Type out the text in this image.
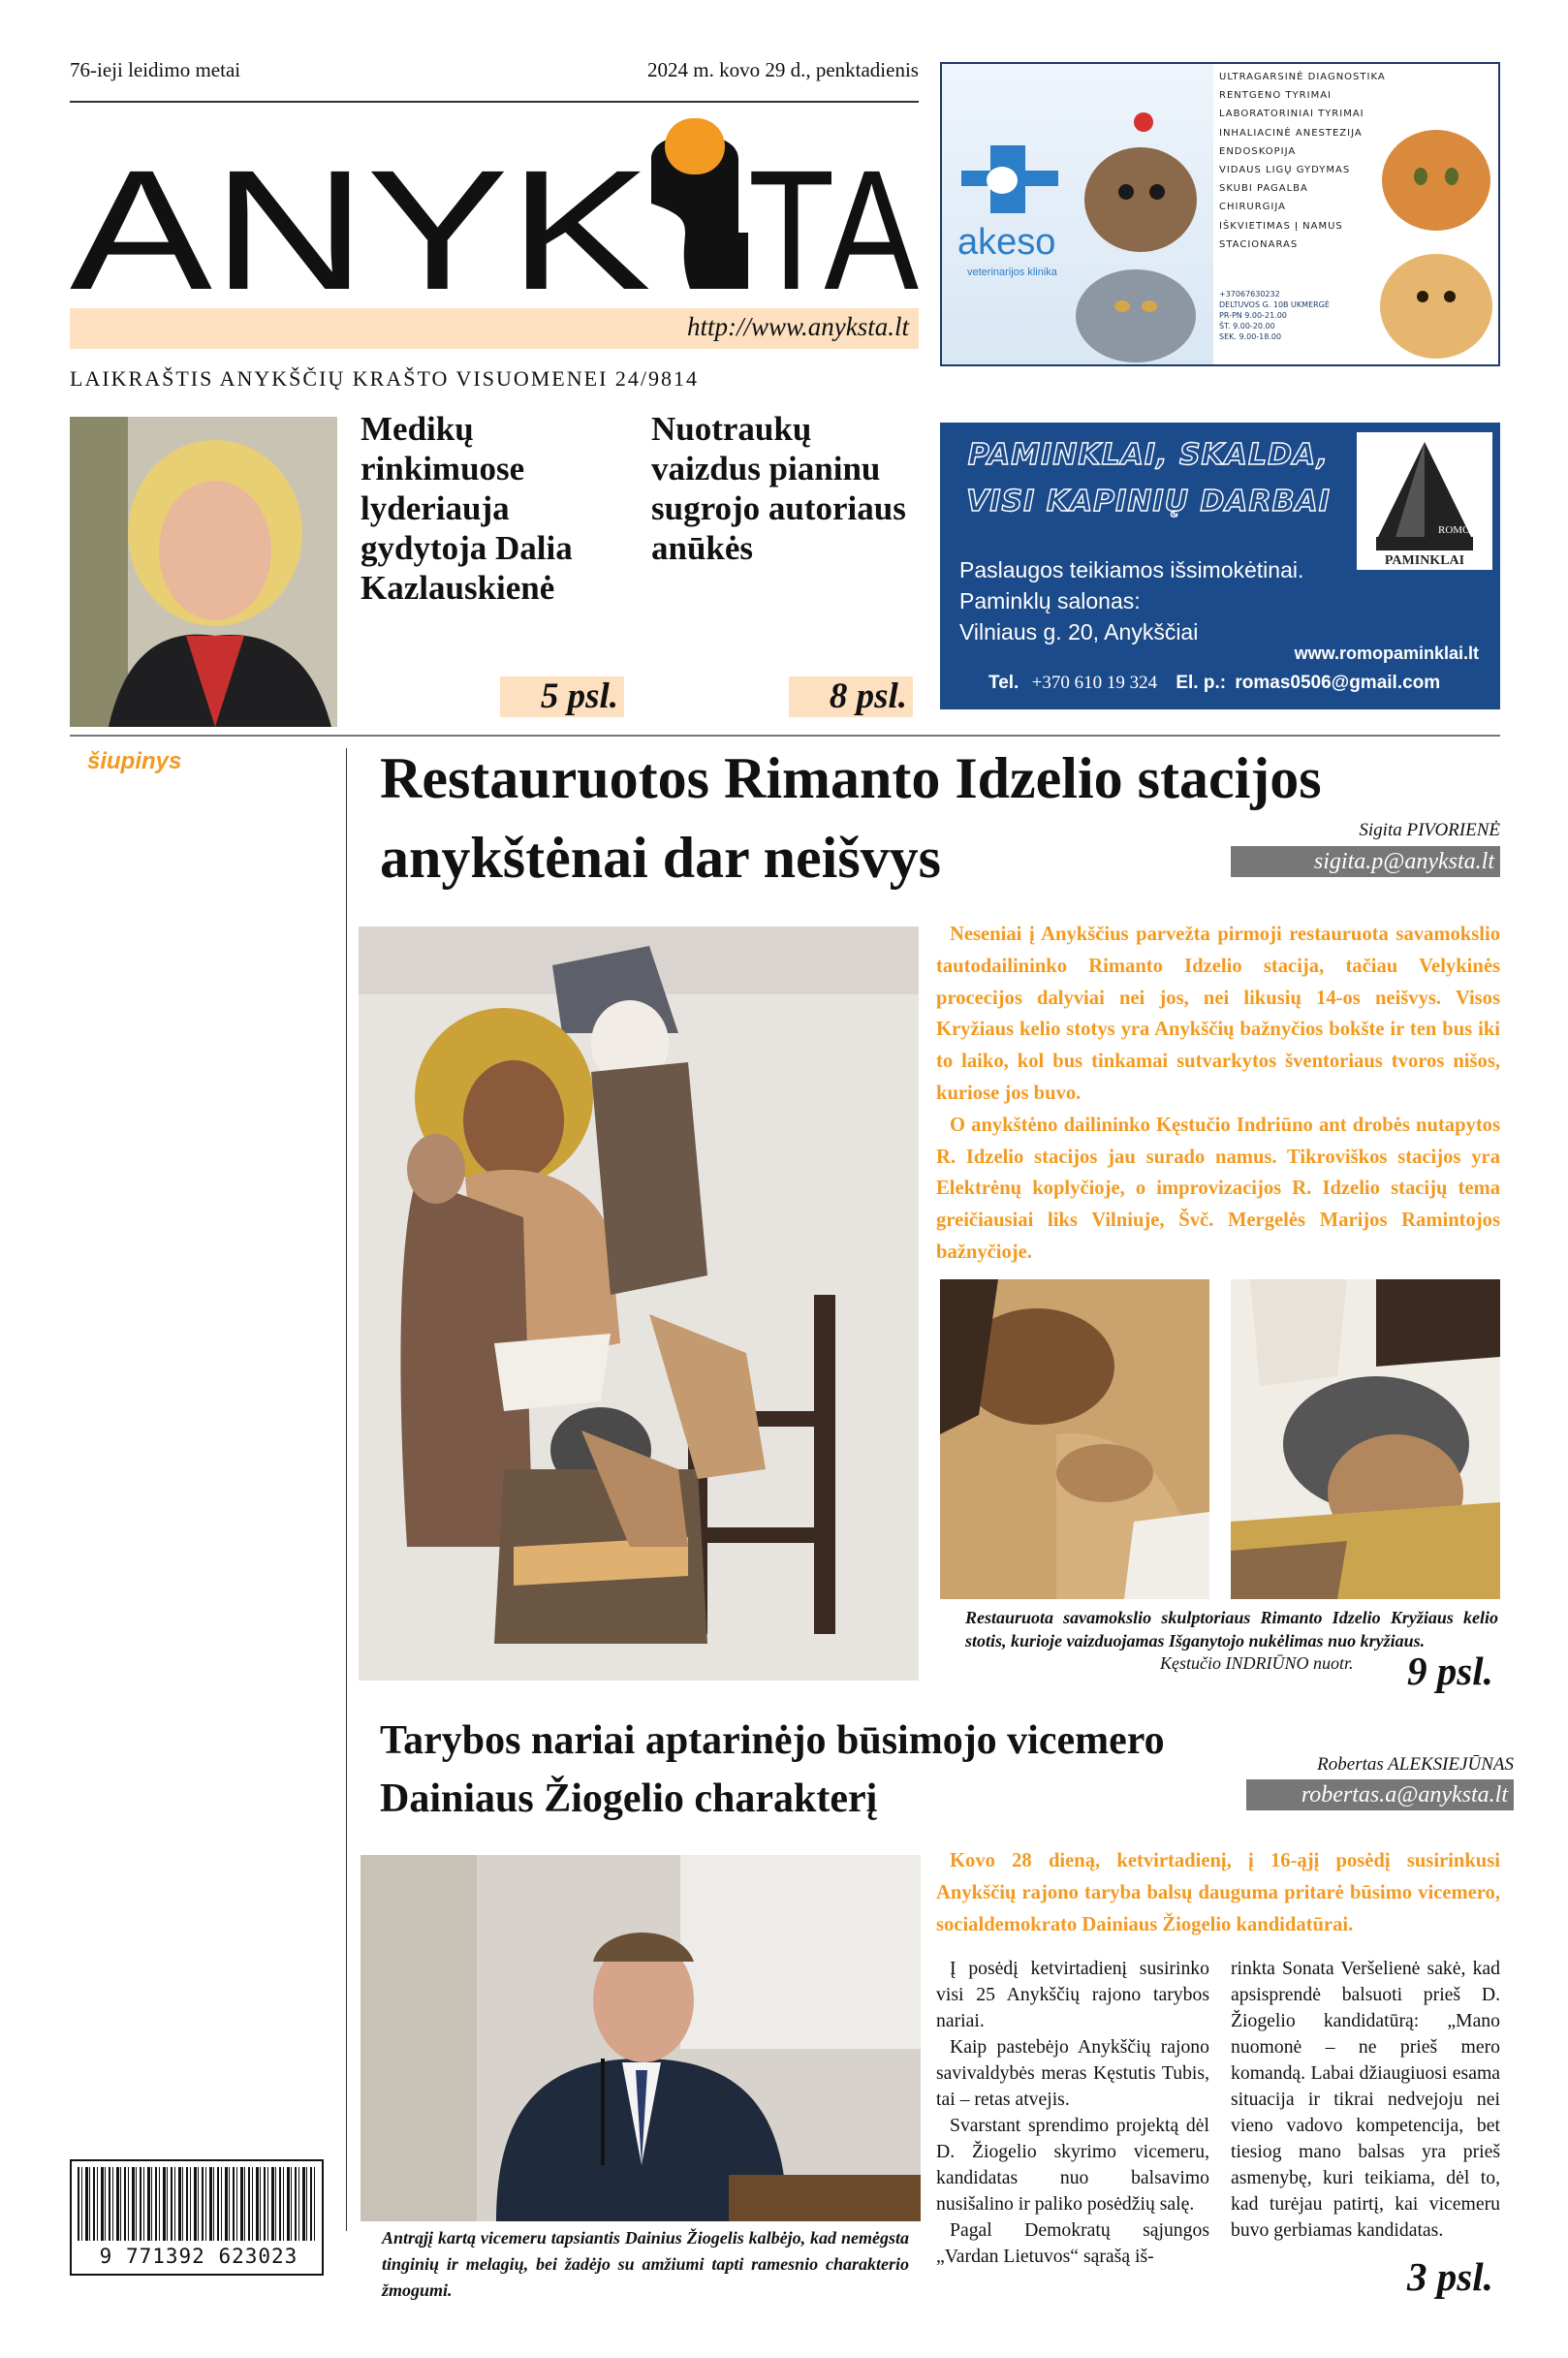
76-ieji leidimo metai	2024 m. kovo 29 d., penktadienis
ANYK TA
http://www.anyksta.lt
LAIKRAŠTIS ANYKŠČIŲ KRAŠTO VISUOMENEI 24/9814
akeso
veterinarijos klinika
ULTRAGARSINĖ DIAGNOSTIKA
RENTGENO TYRIMAI
LABORATORINIAI TYRIMAI
INHALIACINĖ ANESTEZIJA
ENDOSKOPIJA
VIDAUS LIGŲ GYDYMAS
SKUBI PAGALBA
CHIRURGIJA
IŠKVIETIMAS Į NAMUS
STACIONARAS
+37067630232
DELTUVOS G. 10B UKMERGĖ
PR-PN 9.00-21.00
ŠT. 9.00-20.00
SEK. 9.00-18.00
Medikų rinkimuose lyderiauja gydytoja Dalia Kazlauskienė
Nuotraukų vaizdus pianinu sugrojo autoriaus anūkės
5 psl.	8 psl.
PAMINKLAI, SKALDA,
VISI KAPINIŲ DARBAI
ROMO
PAMINKLAI
Paslaugos teikiamos išsimokėtinai.
Paminklų salonas:
Vilniaus g. 20, Anykščiai
www.romopaminklai.lt
Tel. +370 610 19 324 El. p.: romas0506@gmail.com
šiupinys	Restauruotos Rimanto Idzelio stacijos anykštėnai dar neišvys	Sigita PIVORIENĖ
sigita.p@anyksta.lt

Neseniai į Anykščius parvežta pirmoji restauruota savamokslio tautodailininko Rimanto Idzelio stacija, tačiau Velykinės procecijos dalyviai nei jos, nei likusių 14-os neišvys. Visos Kryžiaus kelio stotys yra Anykščių bažnyčios bokšte ir ten bus iki to laiko, kol bus tinkamai sutvarkytos šventoriaus tvoros nišos, kuriose jos buvo.

O anykštėno dailininko Kęstučio Indriūno ant drobės nutapytos R. Idzelio stacijos jau surado namus. Tikroviškos stacijos yra Elektrėnų koplyčioje, o improvizacijos R. Idzelio stacijų tema greičiausiai liks Vilniuje, Švč. Mergelės Marijos Ramintojos bažnyčioje.

Restauruota savamokslio skulptoriaus Rimanto Idzelio Kryžiaus kelio stotis, kurioje vaizduojamas Išganytojo nukėlimas nuo kryžiaus.
Kęstučio INDRIŪNO nuotr. 9 psl.
Tarybos nariai aptarinėjo būsimojo vicemero Dainiaus Žiogelio charakterį
Robertas ALEKSIEJŪNAS
robertas.a@anyksta.lt
Antrąjį kartą vicemeru tapsiantis Dainius Žiogelis kalbėjo, kad nemėgsta tinginių ir melagių, bei žadėjo su amžiumi tapti ramesnio charakterio žmogumi.
Kovo 28 dieną, ketvirtadienį, į 16-ąjį posėdį susirinkusi Anykščių rajono taryba balsų dauguma pritarė būsimo vicemero, socialdemokrato Dainiaus Žiogelio kandidatūrai.

Į posėdį ketvirtadienį susirinko visi 25 Anykščių rajono tarybos nariai.

Kaip pastebėjo Anykščių rajono savivaldybės meras Kęstutis Tubis, tai – retas atvejis.

Svarstant sprendimo projektą dėl D. Žiogelio skyrimo vicemeru, kandidatas nuo balsavimo nusišalino ir paliko posėdžių salę.

Pagal Demokratų sąjungos „Vardan Lietuvos“ sąrašą iš-

rinkta Sonata Veršelienė sakė, kad apsisprendė balsuoti prieš D. Žiogelio kandidatūrą: „Mano nuomonė – ne prieš mero komandą. Labai džiaugiuosi esama situacija ir tikrai nedvejoju nei vieno vadovo kompetencija, bet tiesiog mano balsas yra prieš asmenybę, kuri teikiama, dėl to, kad turėjau patirtį, kai vicemeru buvo gerbiamas kandidatas.

3 psl.
9 771392 623023
